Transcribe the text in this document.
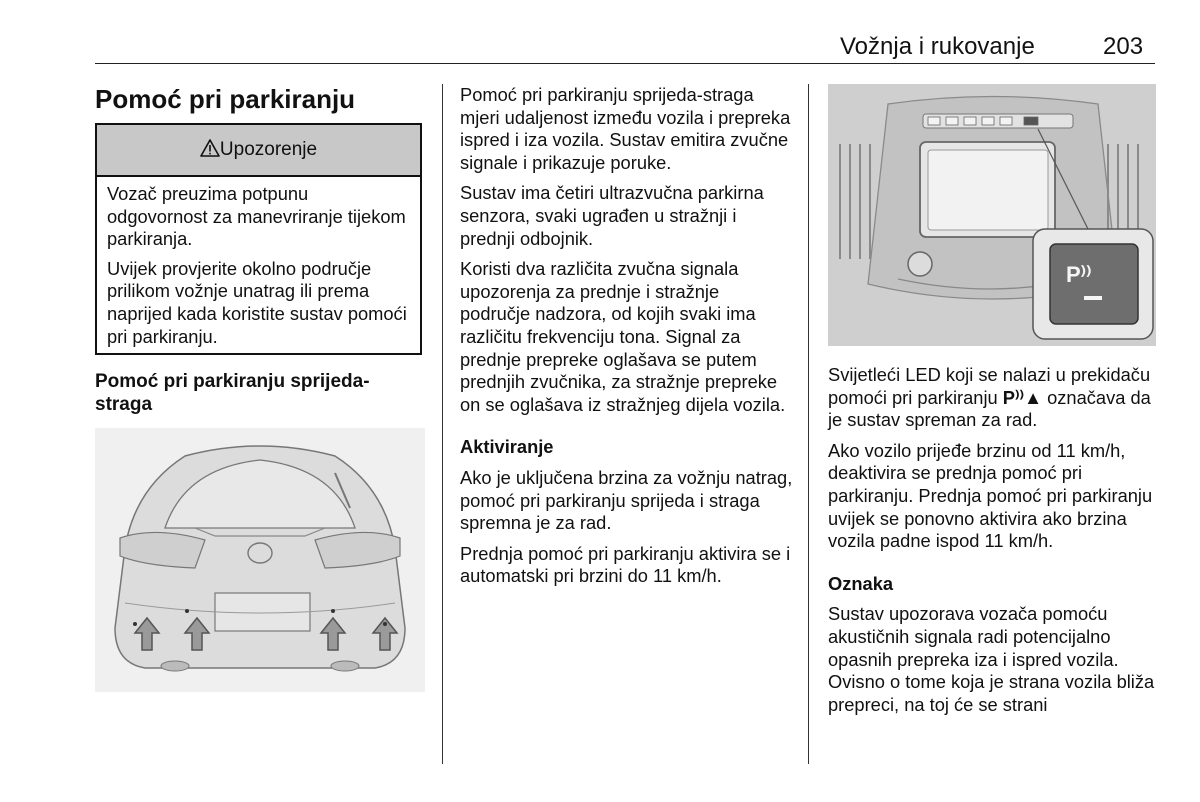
Vožnja i rukovanje	203
Pomoć pri parkiranju
Upozorenje

Vozač preuzima potpunu odgovornost za manevriranje tijekom parkiranja.

Uvijek provjerite okolno područje prilikom vožnje unatrag ili prema naprijed kada koristite sustav pomoći pri parkiranju.

Pomoć pri parkiranju sprijeda-straga

Pomoć pri parkiranju sprijeda-straga mjeri udaljenost između vozila i prepreka ispred i iza vozila. Sustav emitira zvučne signale i prikazuje poruke.

Sustav ima četiri ultrazvučna parkirna senzora, svaki ugrađen u stražnji i prednji odbojnik.

Koristi dva različita zvučna signala upozorenja za prednje i stražnje područje nadzora, od kojih svaki ima različitu frekvenciju tona. Signal za prednje prepreke oglašava se putem prednjih zvučnika, za stražnje prepreke on se oglašava iz stražnjeg dijela vozila.

Aktiviranje

Ako je uključena brzina za vožnju natrag, pomoć pri parkiranju sprijeda i straga spremna je za rad.

Prednja pomoć pri parkiranju aktivira se i automatski pri brzini do 11 km/h.

P⁾⁾

Svijetleći LED koji se nalazi u prekidaču pomoći pri parkiranju P⁾⁾▲ označava da je sustav spreman za rad.

Ako vozilo prijeđe brzinu od 11 km/h, deaktivira se prednja pomoć pri parkiranju. Prednja pomoć pri parkiranju uvijek se ponovno aktivira ako brzina vozila padne ispod 11 km/h.

Oznaka

Sustav upozorava vozača pomoću akustičnih signala radi potencijalno opasnih prepreka iza i ispred vozila. Ovisno o tome koja je strana vozila bliža prepreci, na toj će se strani
